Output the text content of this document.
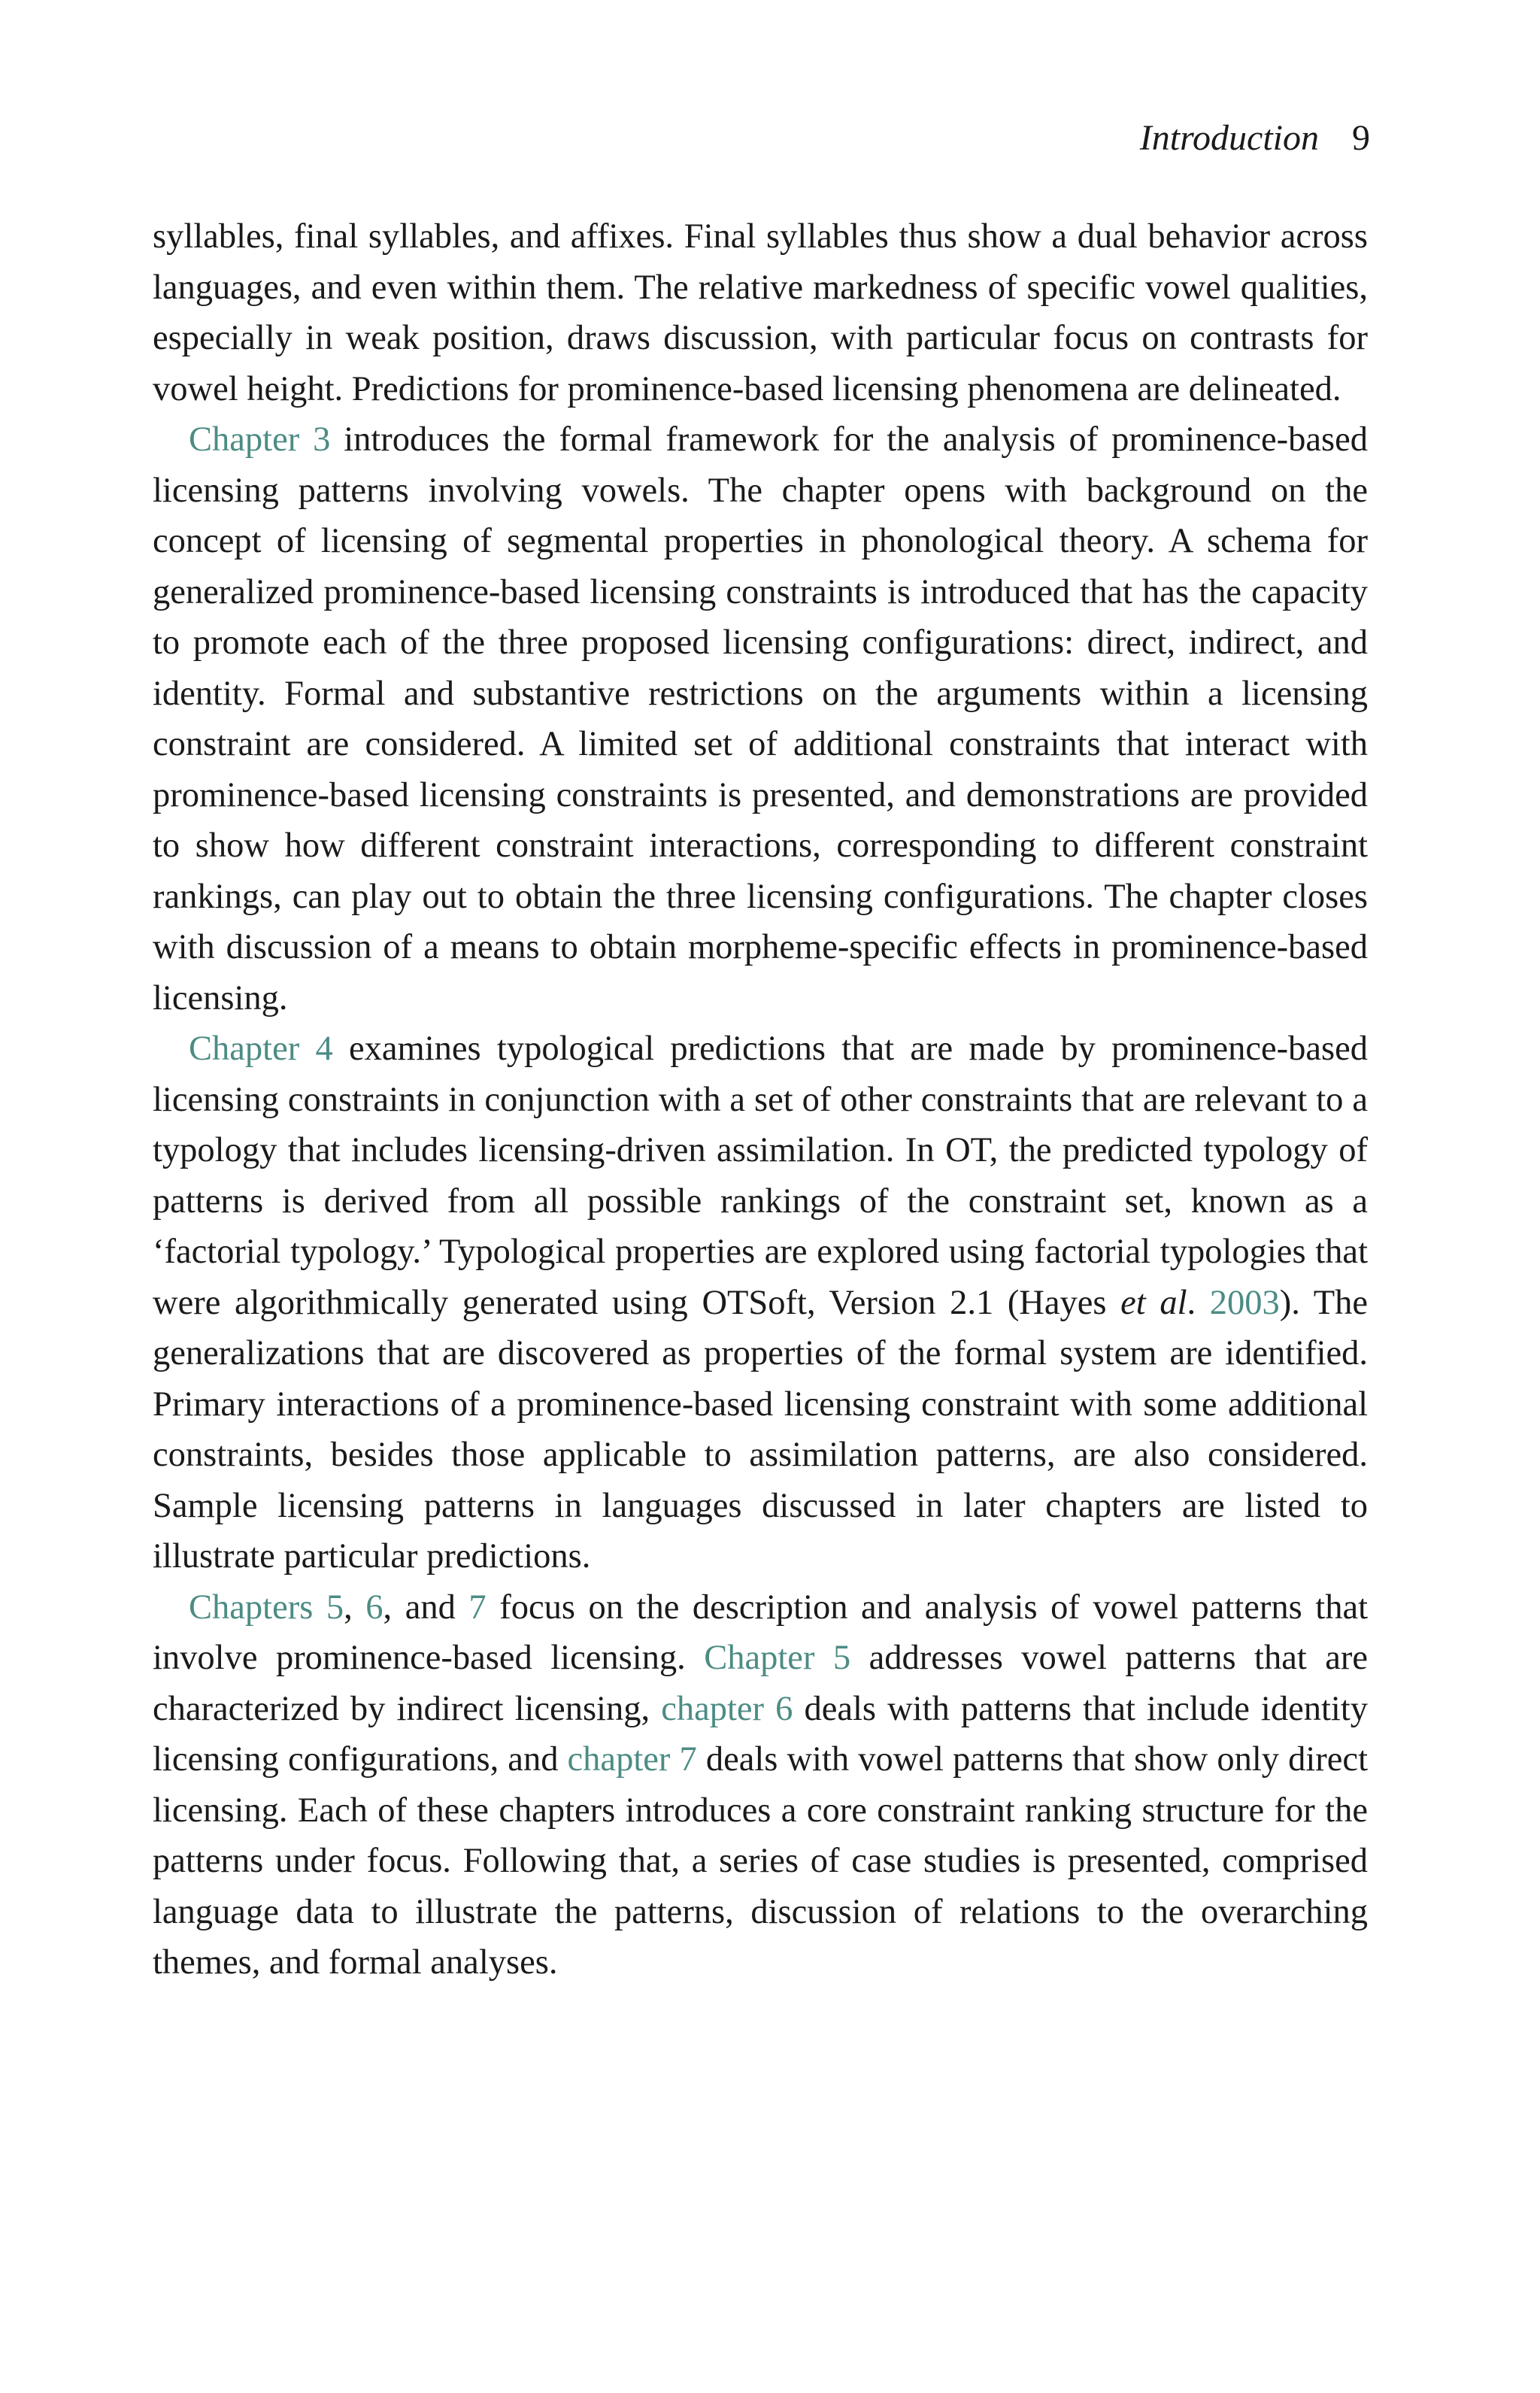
Introduction 9

syllables, final syllables, and affixes. Final syllables thus show a dual behavior across languages, and even within them. The relative markedness of specific vowel qualities, especially in weak position, draws discussion, with particular focus on contrasts for vowel height. Predictions for prominence-based licensing phenomena are delineated.

Chapter 3 introduces the formal framework for the analysis of prominence-based licensing patterns involving vowels. The chapter opens with background on the concept of licensing of segmental properties in phonological theory. A schema for generalized prominence-based licensing constraints is introduced that has the capacity to promote each of the three proposed licensing configurations: direct, indirect, and identity. Formal and substantive restrictions on the arguments within a licensing constraint are considered. A limited set of additional constraints that interact with prominence-based licensing constraints is presented, and demonstrations are provided to show how different constraint interactions, corresponding to different constraint rankings, can play out to obtain the three licensing configurations. The chapter closes with discussion of a means to obtain morpheme-specific effects in prominence-based licensing.

Chapter 4 examines typological predictions that are made by prominence-based licensing constraints in conjunction with a set of other constraints that are relevant to a typology that includes licensing-driven assimilation. In OT, the predicted typology of patterns is derived from all possible rankings of the constraint set, known as a ‘factorial typology.’ Typological properties are explored using factorial typologies that were algorithmically generated using OTSoft, Version 2.1 (Hayes et al. 2003). The generalizations that are discovered as properties of the formal system are identified. Primary interactions of a prominence-based licensing constraint with some additional constraints, besides those applicable to assimilation patterns, are also considered. Sample licensing patterns in languages discussed in later chapters are listed to illustrate particular predictions.

Chapters 5, 6, and 7 focus on the description and analysis of vowel patterns that involve prominence-based licensing. Chapter 5 addresses vowel patterns that are characterized by indirect licensing, chapter 6 deals with patterns that include identity licensing configurations, and chapter 7 deals with vowel patterns that show only direct licensing. Each of these chapters introduces a core constraint ranking structure for the patterns under focus. Following that, a series of case studies is presented, comprised language data to illustrate the patterns, discussion of relations to the overarching themes, and formal analyses.
